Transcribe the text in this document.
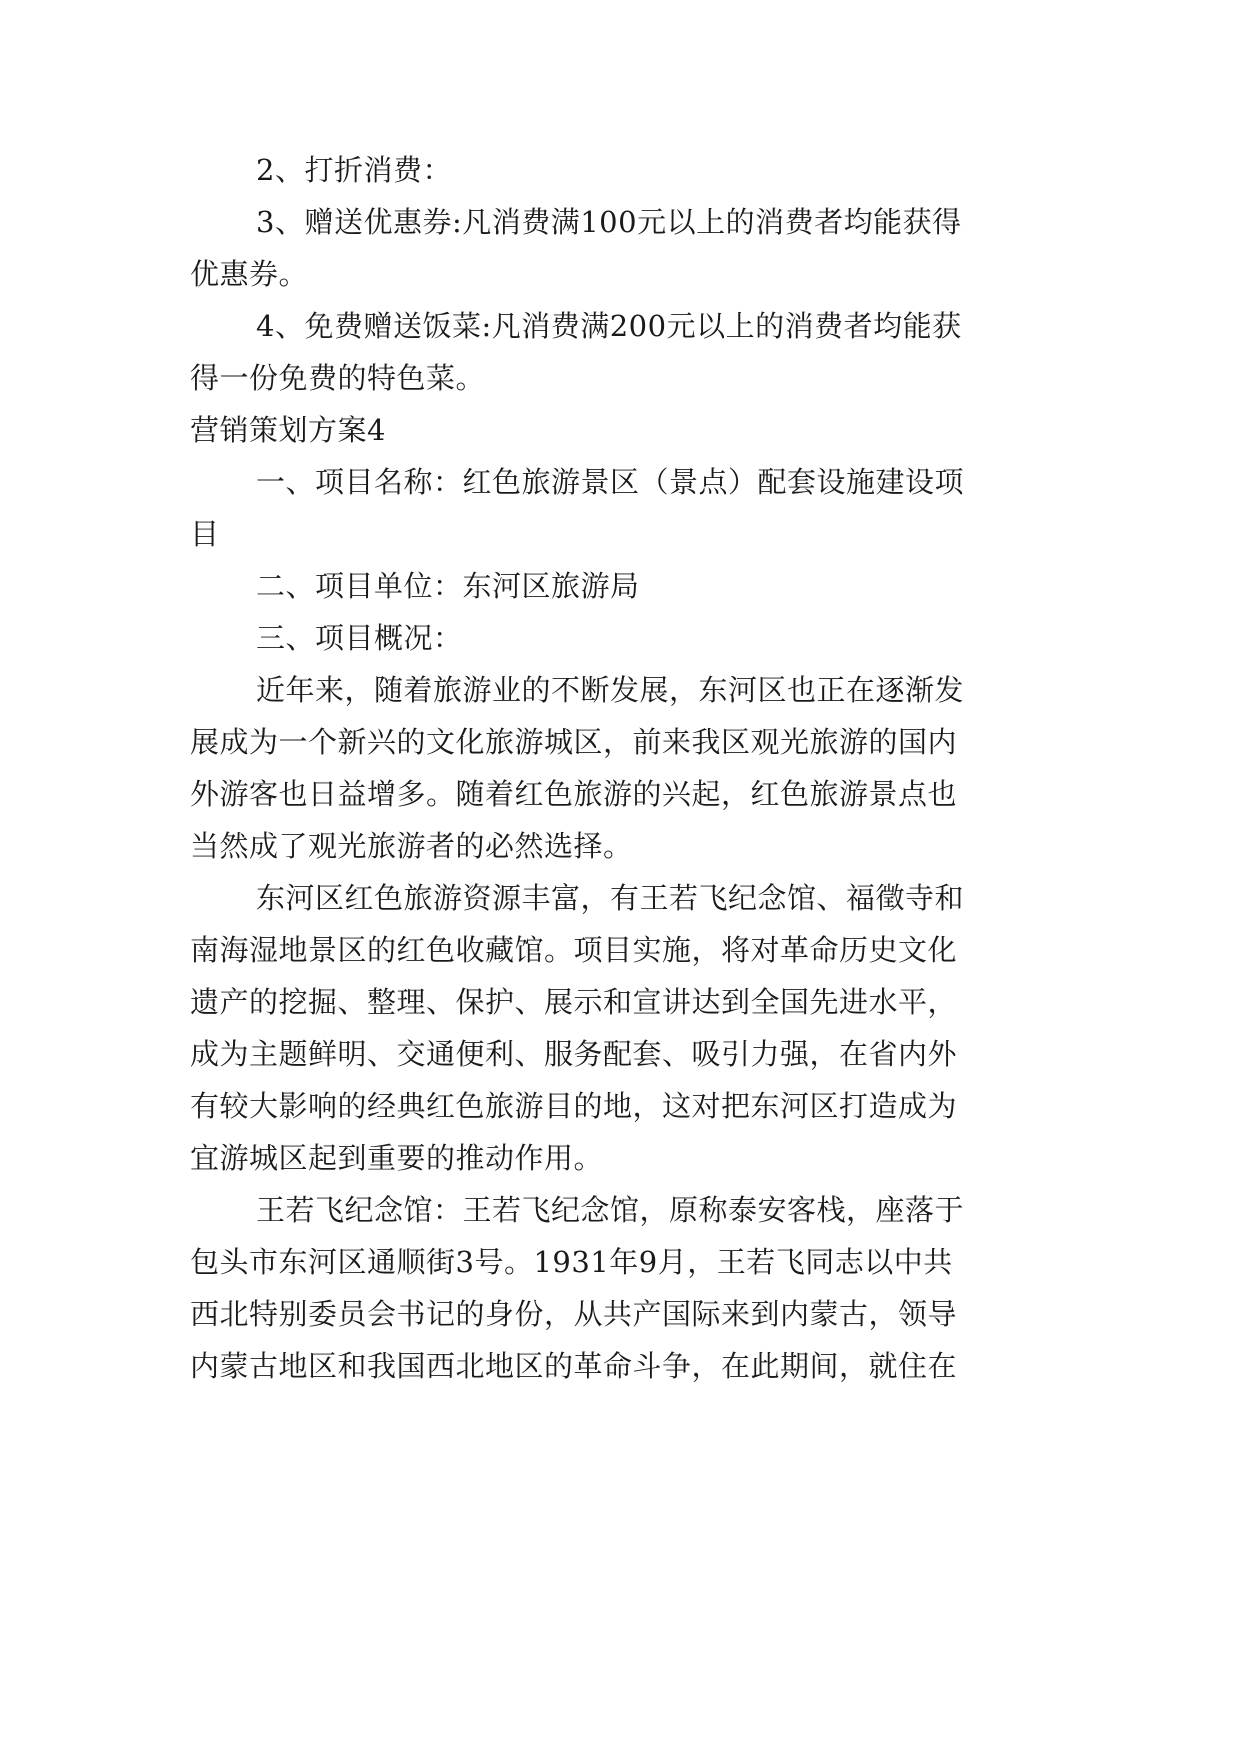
2、打折消费：
3、赠送优惠券:凡消费满100元以上的消费者均能获得
优惠券。
4、免费赠送饭菜:凡消费满200元以上的消费者均能获
得一份免费的特色菜。
营销策划方案4
一、项目名称：红色旅游景区（景点）配套设施建设项
目
二、项目单位：东河区旅游局
三、项目概况：
近年来，随着旅游业的不断发展，东河区也正在逐渐发
展成为一个新兴的文化旅游城区，前来我区观光旅游的国内
外游客也日益增多。随着红色旅游的兴起，红色旅游景点也
当然成了观光旅游者的必然选择。
东河区红色旅游资源丰富，有王若飞纪念馆、福徵寺和
南海湿地景区的红色收藏馆。项目实施，将对革命历史文化
遗产的挖掘、整理、保护、展示和宣讲达到全国先进水平，
成为主题鲜明、交通便利、服务配套、吸引力强，在省内外
有较大影响的经典红色旅游目的地，这对把东河区打造成为
宜游城区起到重要的推动作用。
王若飞纪念馆：王若飞纪念馆，原称泰安客栈，座落于
包头市东河区通顺街3号。1931年9月，王若飞同志以中共
西北特别委员会书记的身份，从共产国际来到内蒙古，领导
内蒙古地区和我国西北地区的革命斗争，在此期间，就住在
